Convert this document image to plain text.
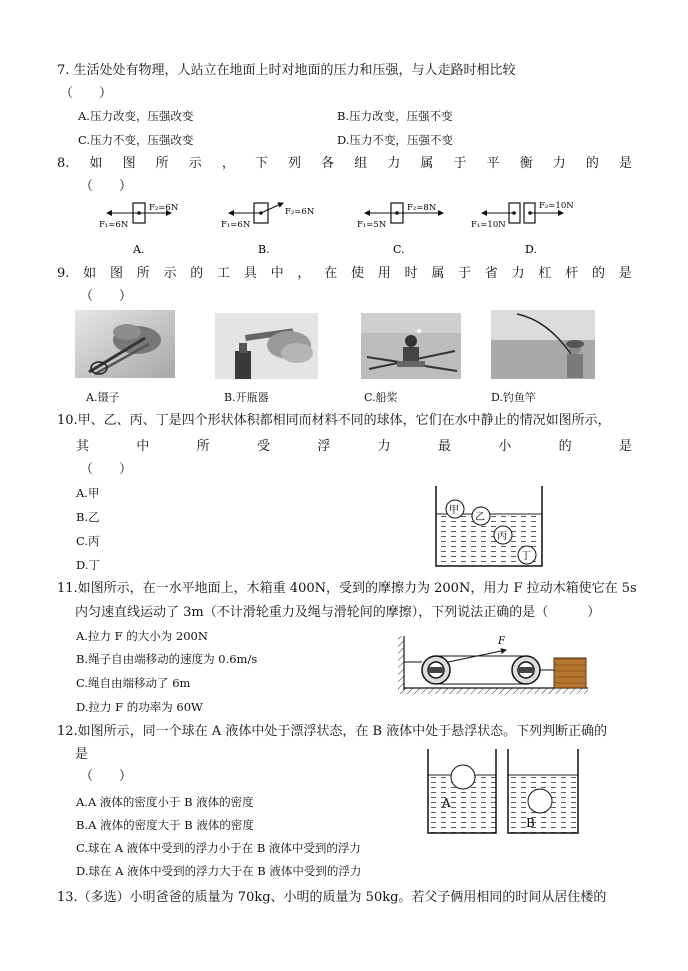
7. 生活处处有物理，人站立在地面上时对地面的压力和压强，与人走路时相比较
（　　）
A.压力改变，压强改变	B.压力改变，压强不变
C.压力不变，压强改变	D.压力不变，压强不变
8. 如 图 所 示 ， 下 列 各 组 力 属 于 平 衡 力 的 是
（　　）
F₂=6N
F₁=6N
A.
F₂=6N
F₁=6N
B.
F₂=8N
F₁=5N
C.
F₂=10N
F₁=10N
D.
9. 如 图 所 示 的 工 具 中 ， 在 使 用 时 属 于 省 力 杠 杆 的 是
（　　）
A.镊子	B.开瓶器	C.船桨	D.钓鱼竿
10.甲、乙、丙、丁是四个形状体积都相同而材料不同的球体，它们在水中静止的情况如图所示，
其	中	所	受	浮	力	最	小	的	是
（　　）
A.甲
B.乙
C.丙
D.丁
甲
乙
丙
丁
11.如图所示，在一水平地面上，木箱重 400N，受到的摩擦力为 200N，用力 F 拉动木箱使它在 5s
内匀速直线运动了 3m（不计滑轮重力及绳与滑轮间的摩擦），下列说法正确的是（　　　）
A.拉力 F 的大小为 200N
B.绳子自由端移动的速度为 0.6m/s
C.绳自由端移动了 6m
D.拉力 F 的功率为 60W
F
12.如图所示，同一个球在 A 液体中处于漂浮状态，在 B 液体中处于悬浮状态。下列判断正确的
是
（　　）
A.A 液体的密度小于 B 液体的密度
B.A 液体的密度大于 B 液体的密度
C.球在 A 液体中受到的浮力小于在 B 液体中受到的浮力
D.球在 A 液体中受到的浮力大于在 B 液体中受到的浮力
A
B
13.（多选）小明爸爸的质量为 70kg、小明的质量为 50kg。若父子俩用相同的时间从居住楼的
